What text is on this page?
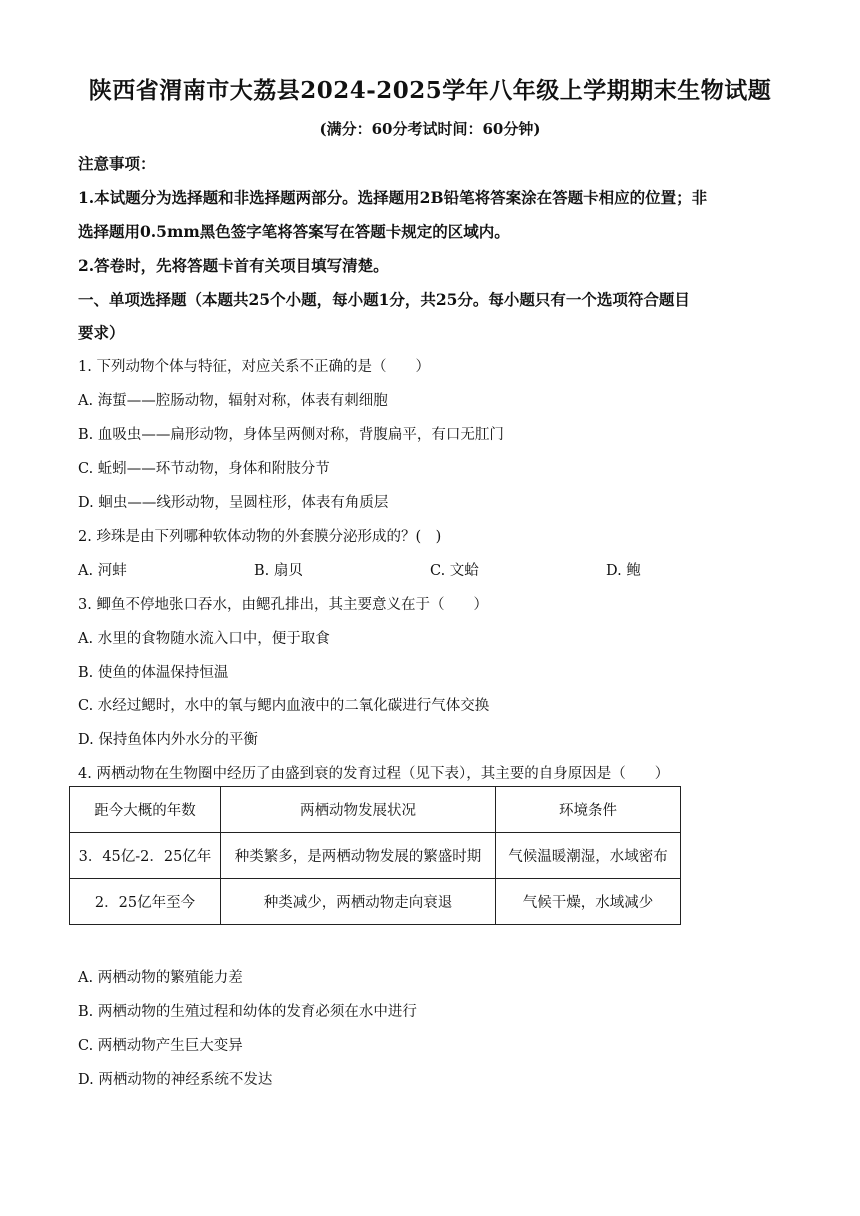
陕西省渭南市大荔县2024-2025学年八年级上学期期末生物试题
(满分：60分考试时间：60分钟)
注意事项：
1.本试题分为选择题和非选择题两部分。选择题用2B铅笔将答案涂在答题卡相应的位置；非
选择题用0.5mm黑色签字笔将答案写在答题卡规定的区域内。
2.答卷时，先将答题卡首有关项目填写清楚。
一、单项选择题（本题共25个小题，每小题1分，共25分。每小题只有一个选项符合题目
要求）
1. 下列动物个体与特征，对应关系不正确的是（　　）
A. 海蜇——腔肠动物，辐射对称，体表有刺细胞
B. 血吸虫——扁形动物，身体呈两侧对称，背腹扁平，有口无肛门
C. 蚯蚓——环节动物，身体和附肢分节
D. 蛔虫——线形动物，呈圆柱形，体表有角质层
2. 珍珠是由下列哪种软体动物的外套膜分泌形成的？(　)
A. 河蚌	B. 扇贝	C. 文蛤	D. 鲍
3. 鲫鱼不停地张口吞水，由鳃孔排出，其主要意义在于（　　）
A. 水里的食物随水流入口中，便于取食
B. 使鱼的体温保持恒温
C. 水经过鳃时，水中的氧与鳃内血液中的二氧化碳进行气体交换
D. 保持鱼体内外水分的平衡
4. 两栖动物在生物圈中经历了由盛到衰的发育过程（见下表），其主要的自身原因是（　　）
距今大概的年数	两栖动物发展状况	环境条件
3．45亿-2．25亿年	种类繁多，是两栖动物发展的繁盛时期	气候温暖潮湿，水域密布
2．25亿年至今	种类减少，两栖动物走向衰退	气候干燥，水域减少
A. 两栖动物的繁殖能力差
B. 两栖动物的生殖过程和幼体的发育必须在水中进行
C. 两栖动物产生巨大变异
D. 两栖动物的神经系统不发达
